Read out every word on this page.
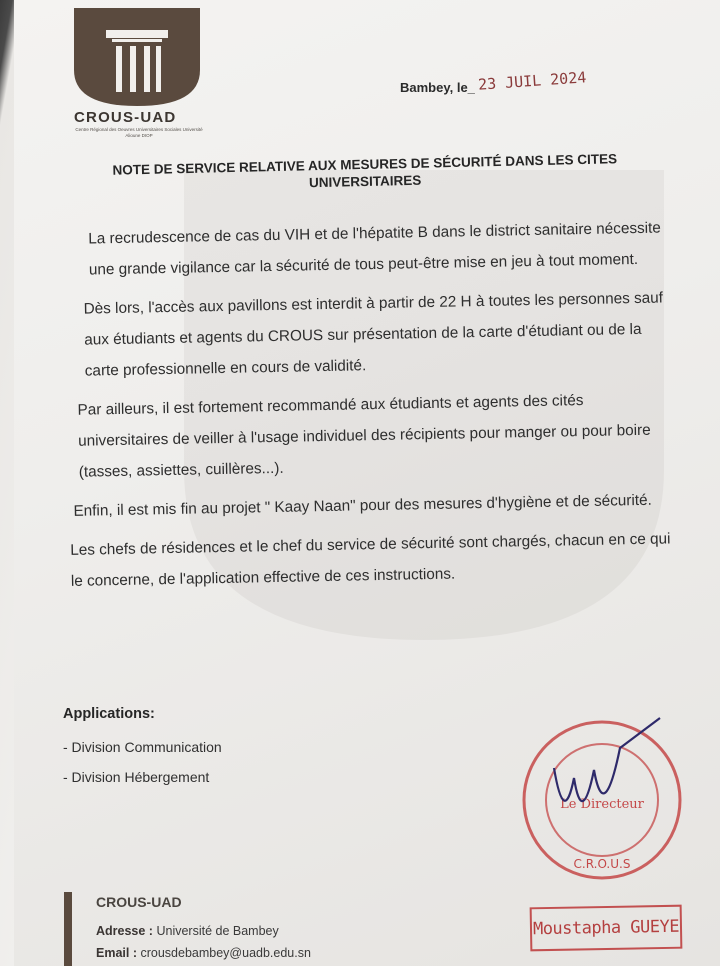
CROUS-UAD
Centre Régional des Oeuvres Universitaires Sociales Université Alioune DIOP
Bambey, le_ 23 JUIL 2024
NOTE DE SERVICE RELATIVE AUX MESURES DE SÉCURITÉ DANS LES CITES UNIVERSITAIRES

La recrudescence de cas du VIH et de l'hépatite B dans le district sanitaire nécessite une grande vigilance car la sécurité de tous peut-être mise en jeu à tout moment.

Dès lors, l'accès aux pavillons est interdit à partir de 22 H à toutes les personnes sauf aux étudiants et agents du CROUS sur présentation de la carte d'étudiant ou de la carte professionnelle en cours de validité.

Par ailleurs, il est fortement recommandé aux étudiants et agents des cités universitaires de veiller à l'usage individuel des récipients pour manger ou pour boire (tasses, assiettes, cuillères...).

Enfin, il est mis fin au projet " Kaay Naan" pour des mesures d'hygiène et de sécurité.

Les chefs de résidences et le chef du service de sécurité sont chargés, chacun en ce qui le concerne, de l'application effective de ces instructions.

Applications:
- Division Communication
- Division Hébergement
Le Directeur
C.R.O.U.S
Moustapha GUEYE
CROUS-UAD
Adresse : Université de Bambey
Email : crousdebambey@uadb.edu.sn
